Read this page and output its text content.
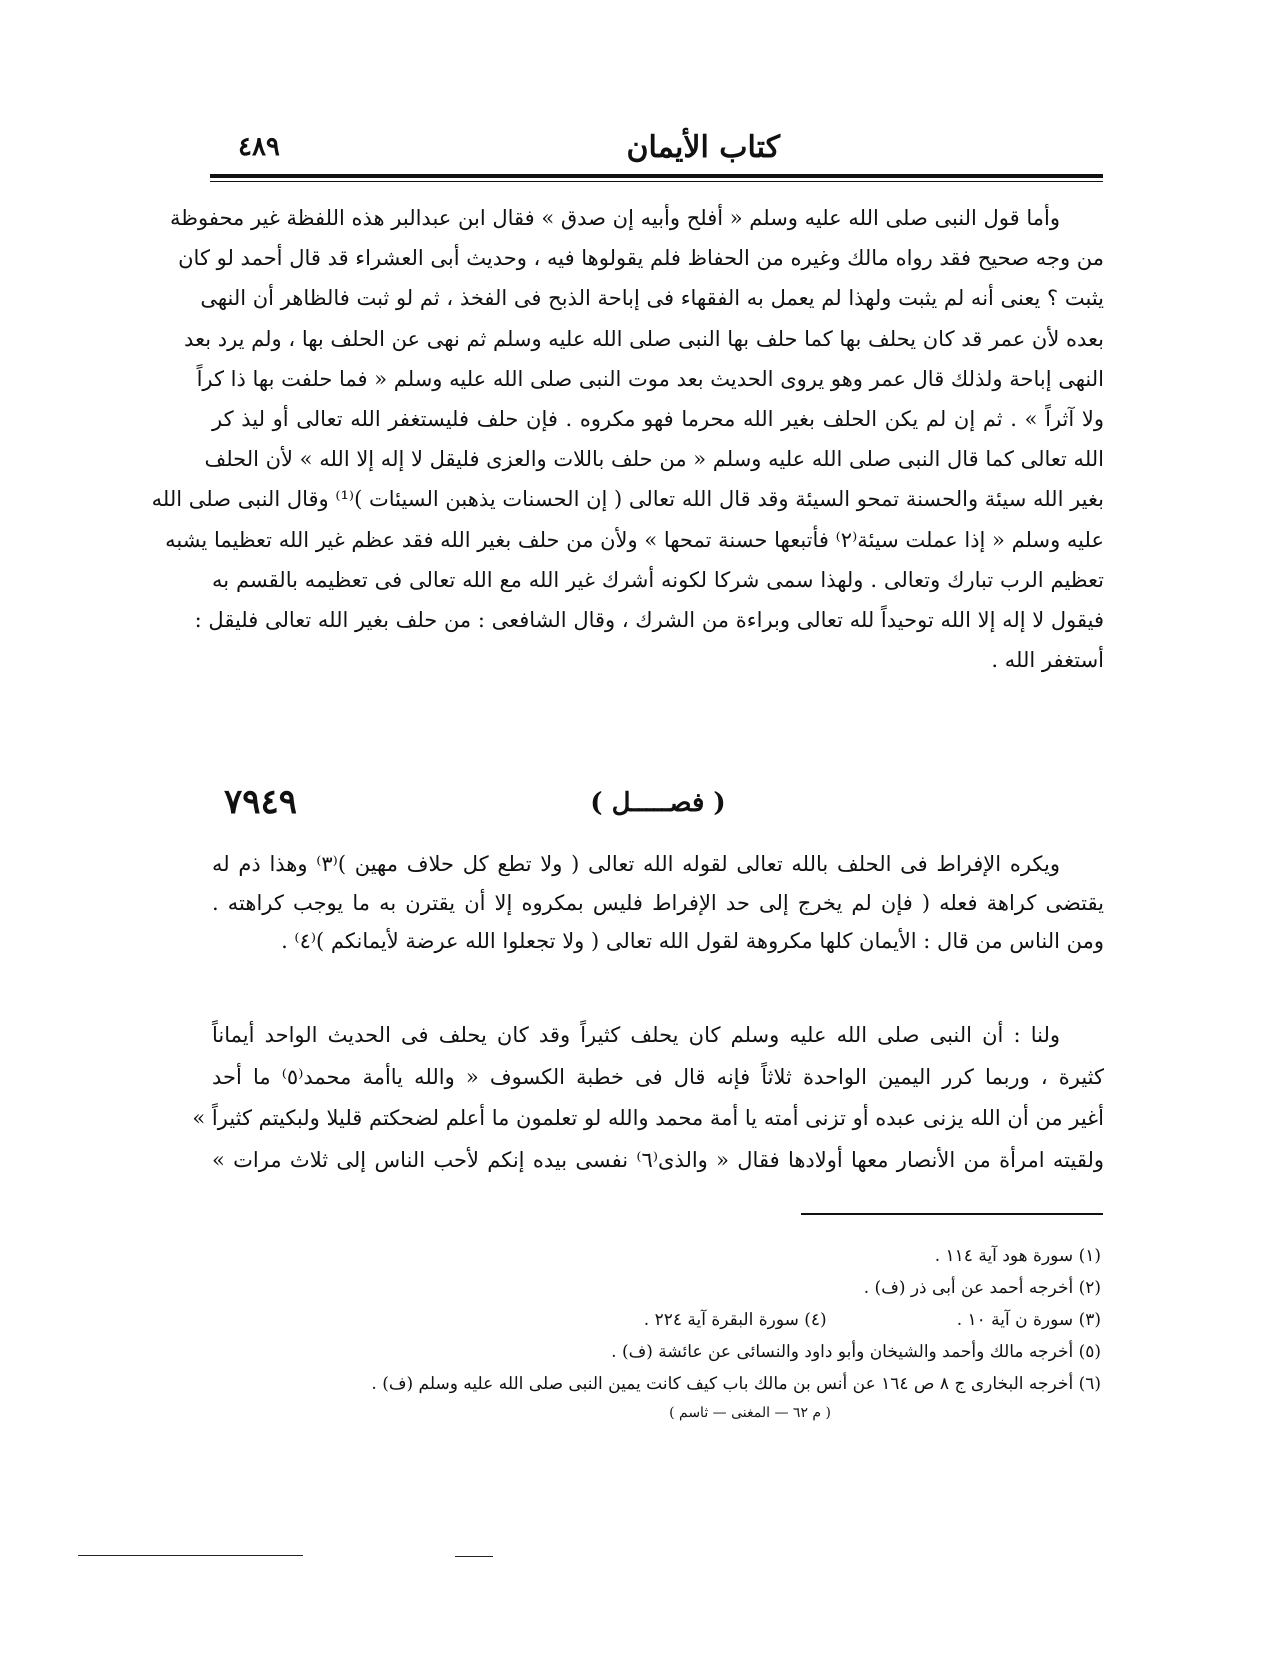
كتاب الأيمان
٤٨٩
وأما قول النبى صلى الله عليه وسلم « أفلح وأبيه إن صدق » فقال ابن عبدالبر هذه اللفظة غير محفوظة
من وجه صحيح فقد رواه مالك وغيره من الحفاظ فلم يقولوها فيه ، وحديث أبى العشراء قد قال أحمد لو كان
يثبت ؟ يعنى أنه لم يثبت ولهذا لم يعمل به الفقهاء فى إباحة الذبح فى الفخذ ، ثم لو ثبت فالظاهر أن النهى
بعده لأن عمر قد كان يحلف بها كما حلف بها النبى صلى الله عليه وسلم ثم نهى عن الحلف بها ، ولم يرد بعد
النهى إباحة ولذلك قال عمر وهو يروى الحديث بعد موت النبى صلى الله عليه وسلم « فما حلفت بها ذا كراً
ولا آثراً » . ثم إن لم يكن الحلف بغير الله محرما فهو مكروه . فإن حلف فليستغفر الله تعالى أو ليذ كر
الله تعالى كما قال النبى صلى الله عليه وسلم « من حلف باللات والعزى فليقل لا إله إلا الله » لأن الحلف
بغير الله سيئة والحسنة تمحو السيئة وقد قال الله تعالى ( إن الحسنات يذهبن السيئات )⁽¹⁾ وقال النبى صلى الله
عليه وسلم « إذا عملت سيئة⁽٢⁾ فأتبعها حسنة تمحها » ولأن من حلف بغير الله فقد عظم غير الله تعظيما يشبه
تعظيم الرب تبارك وتعالى . ولهذا سمى شركا لكونه أشرك غير الله مع الله تعالى فى تعظيمه بالقسم به
فيقول لا إله إلا الله توحيداً لله تعالى وبراءة من الشرك ، وقال الشافعى : من حلف بغير الله تعالى فليقل :
أستغفر الله .
( فصـــــل )
٧٩٤٩
ويكره الإفراط فى الحلف بالله تعالى لقوله الله تعالى ( ولا تطع كل حلاف مهين )⁽٣⁾ وهذا ذم له
يقتضى كراهة فعله ( فإن لم يخرج إلى حد الإفراط فليس بمكروه إلا أن يقترن به ما يوجب كراهته .
ومن الناس من قال : الأيمان كلها مكروهة لقول الله تعالى ( ولا تجعلوا الله عرضة لأيمانكم )⁽٤⁾ .
ولنا : أن النبى صلى الله عليه وسلم كان يحلف كثيراً وقد كان يحلف فى الحديث الواحد أيماناً
كثيرة ، وربما كرر اليمين الواحدة ثلاثاً فإنه قال فى خطبة الكسوف « والله ياأمة محمد⁽٥⁾ ما أحد
أغير من أن الله يزنى عبده أو تزنى أمته يا أمة محمد والله لو تعلمون ما أعلم لضحكتم قليلا ولبكيتم كثيراً »
ولقيته امرأة من الأنصار معها أولادها فقال « والذى⁽٦⁾ نفسى بيده إنكم لأحب الناس إلى ثلاث مرات »
(١) سورة هود آية ١١٤ .
(٢) أخرجه أحمد عن أبى ذر (ف) .
(٣) سورة ن آية ١٠ .
(٤) سورة البقرة آية ٢٢٤ .
(٥) أخرجه مالك وأحمد والشيخان وأبو داود والنسائى عن عائشة (ف) .
(٦) أخرجه البخارى ج ٨ ص ١٦٤ عن أنس بن مالك باب كيف كانت يمين النبى صلى الله عليه وسلم (ف) .
( م ٦٢ — المغنى — ثاسم )
